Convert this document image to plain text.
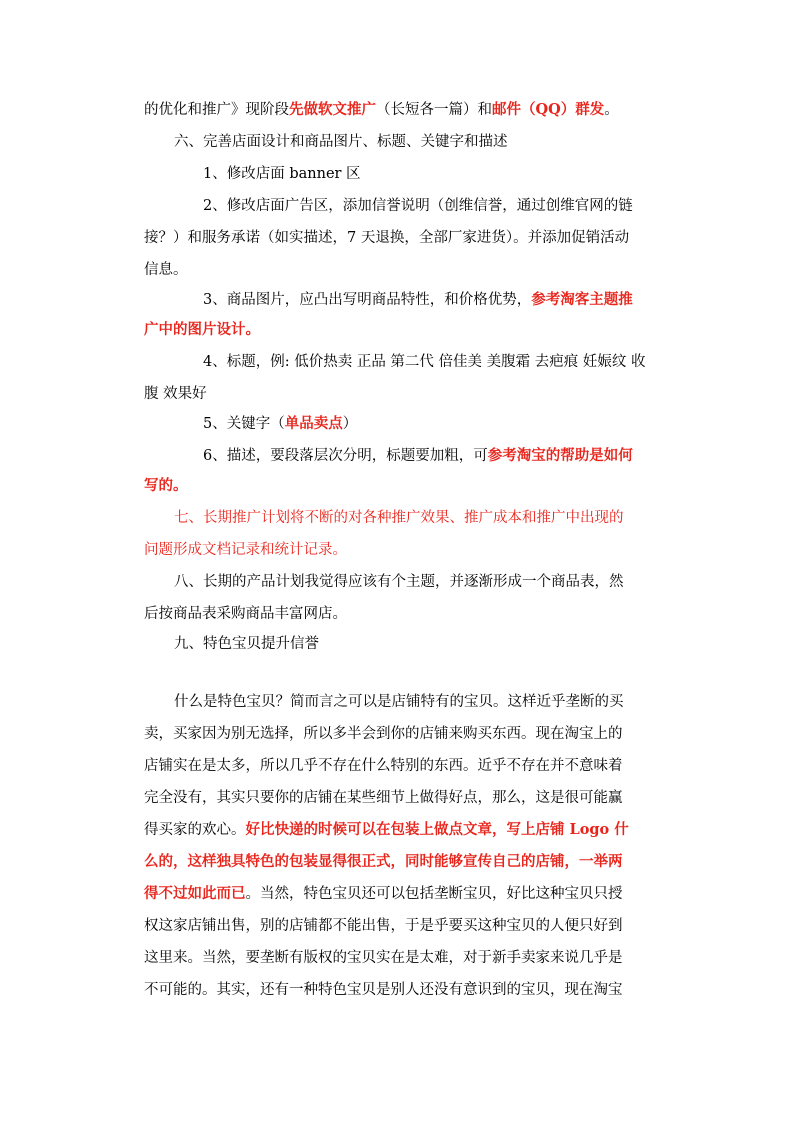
的优化和推广》现阶段先做软文推广（长短各一篇）和邮件（QQ）群发。
六、完善店面设计和商品图片、标题、关键字和描述
1、修改店面 banner 区
2、修改店面广告区，添加信誉说明（创维信誉，通过创维官网的链
接？）和服务承诺（如实描述，7 天退换，全部厂家进货）。并添加促销活动
信息。
3、商品图片，应凸出写明商品特性，和价格优势，参考淘客主题推
广中的图片设计。
4、标题，例: 低价热卖 正品 第二代 倍佳美 美腹霜 去疤痕 妊娠纹 收
腹 效果好
5、关键字（单品卖点）
6、描述，要段落层次分明，标题要加粗，可参考淘宝的帮助是如何
写的。
七、长期推广计划将不断的对各种推广效果、推广成本和推广中出现的
问题形成文档记录和统计记录。
八、长期的产品计划我觉得应该有个主题，并逐渐形成一个商品表，然
后按商品表采购商品丰富网店。
九、特色宝贝提升信誉
什么是特色宝贝？简而言之可以是店铺特有的宝贝。这样近乎垄断的买
卖，买家因为别无选择，所以多半会到你的店铺来购买东西。现在淘宝上的
店铺实在是太多，所以几乎不存在什么特别的东西。近乎不存在并不意味着
完全没有，其实只要你的店铺在某些细节上做得好点，那么，这是很可能赢
得买家的欢心。好比快递的时候可以在包装上做点文章，写上店铺 Logo 什
么的，这样独具特色的包装显得很正式，同时能够宣传自己的店铺，一举两
得不过如此而已。当然，特色宝贝还可以包括垄断宝贝，好比这种宝贝只授
权这家店铺出售，别的店铺都不能出售，于是乎要买这种宝贝的人便只好到
这里来。当然，要垄断有版权的宝贝实在是太难，对于新手卖家来说几乎是
不可能的。其实，还有一种特色宝贝是别人还没有意识到的宝贝，现在淘宝
